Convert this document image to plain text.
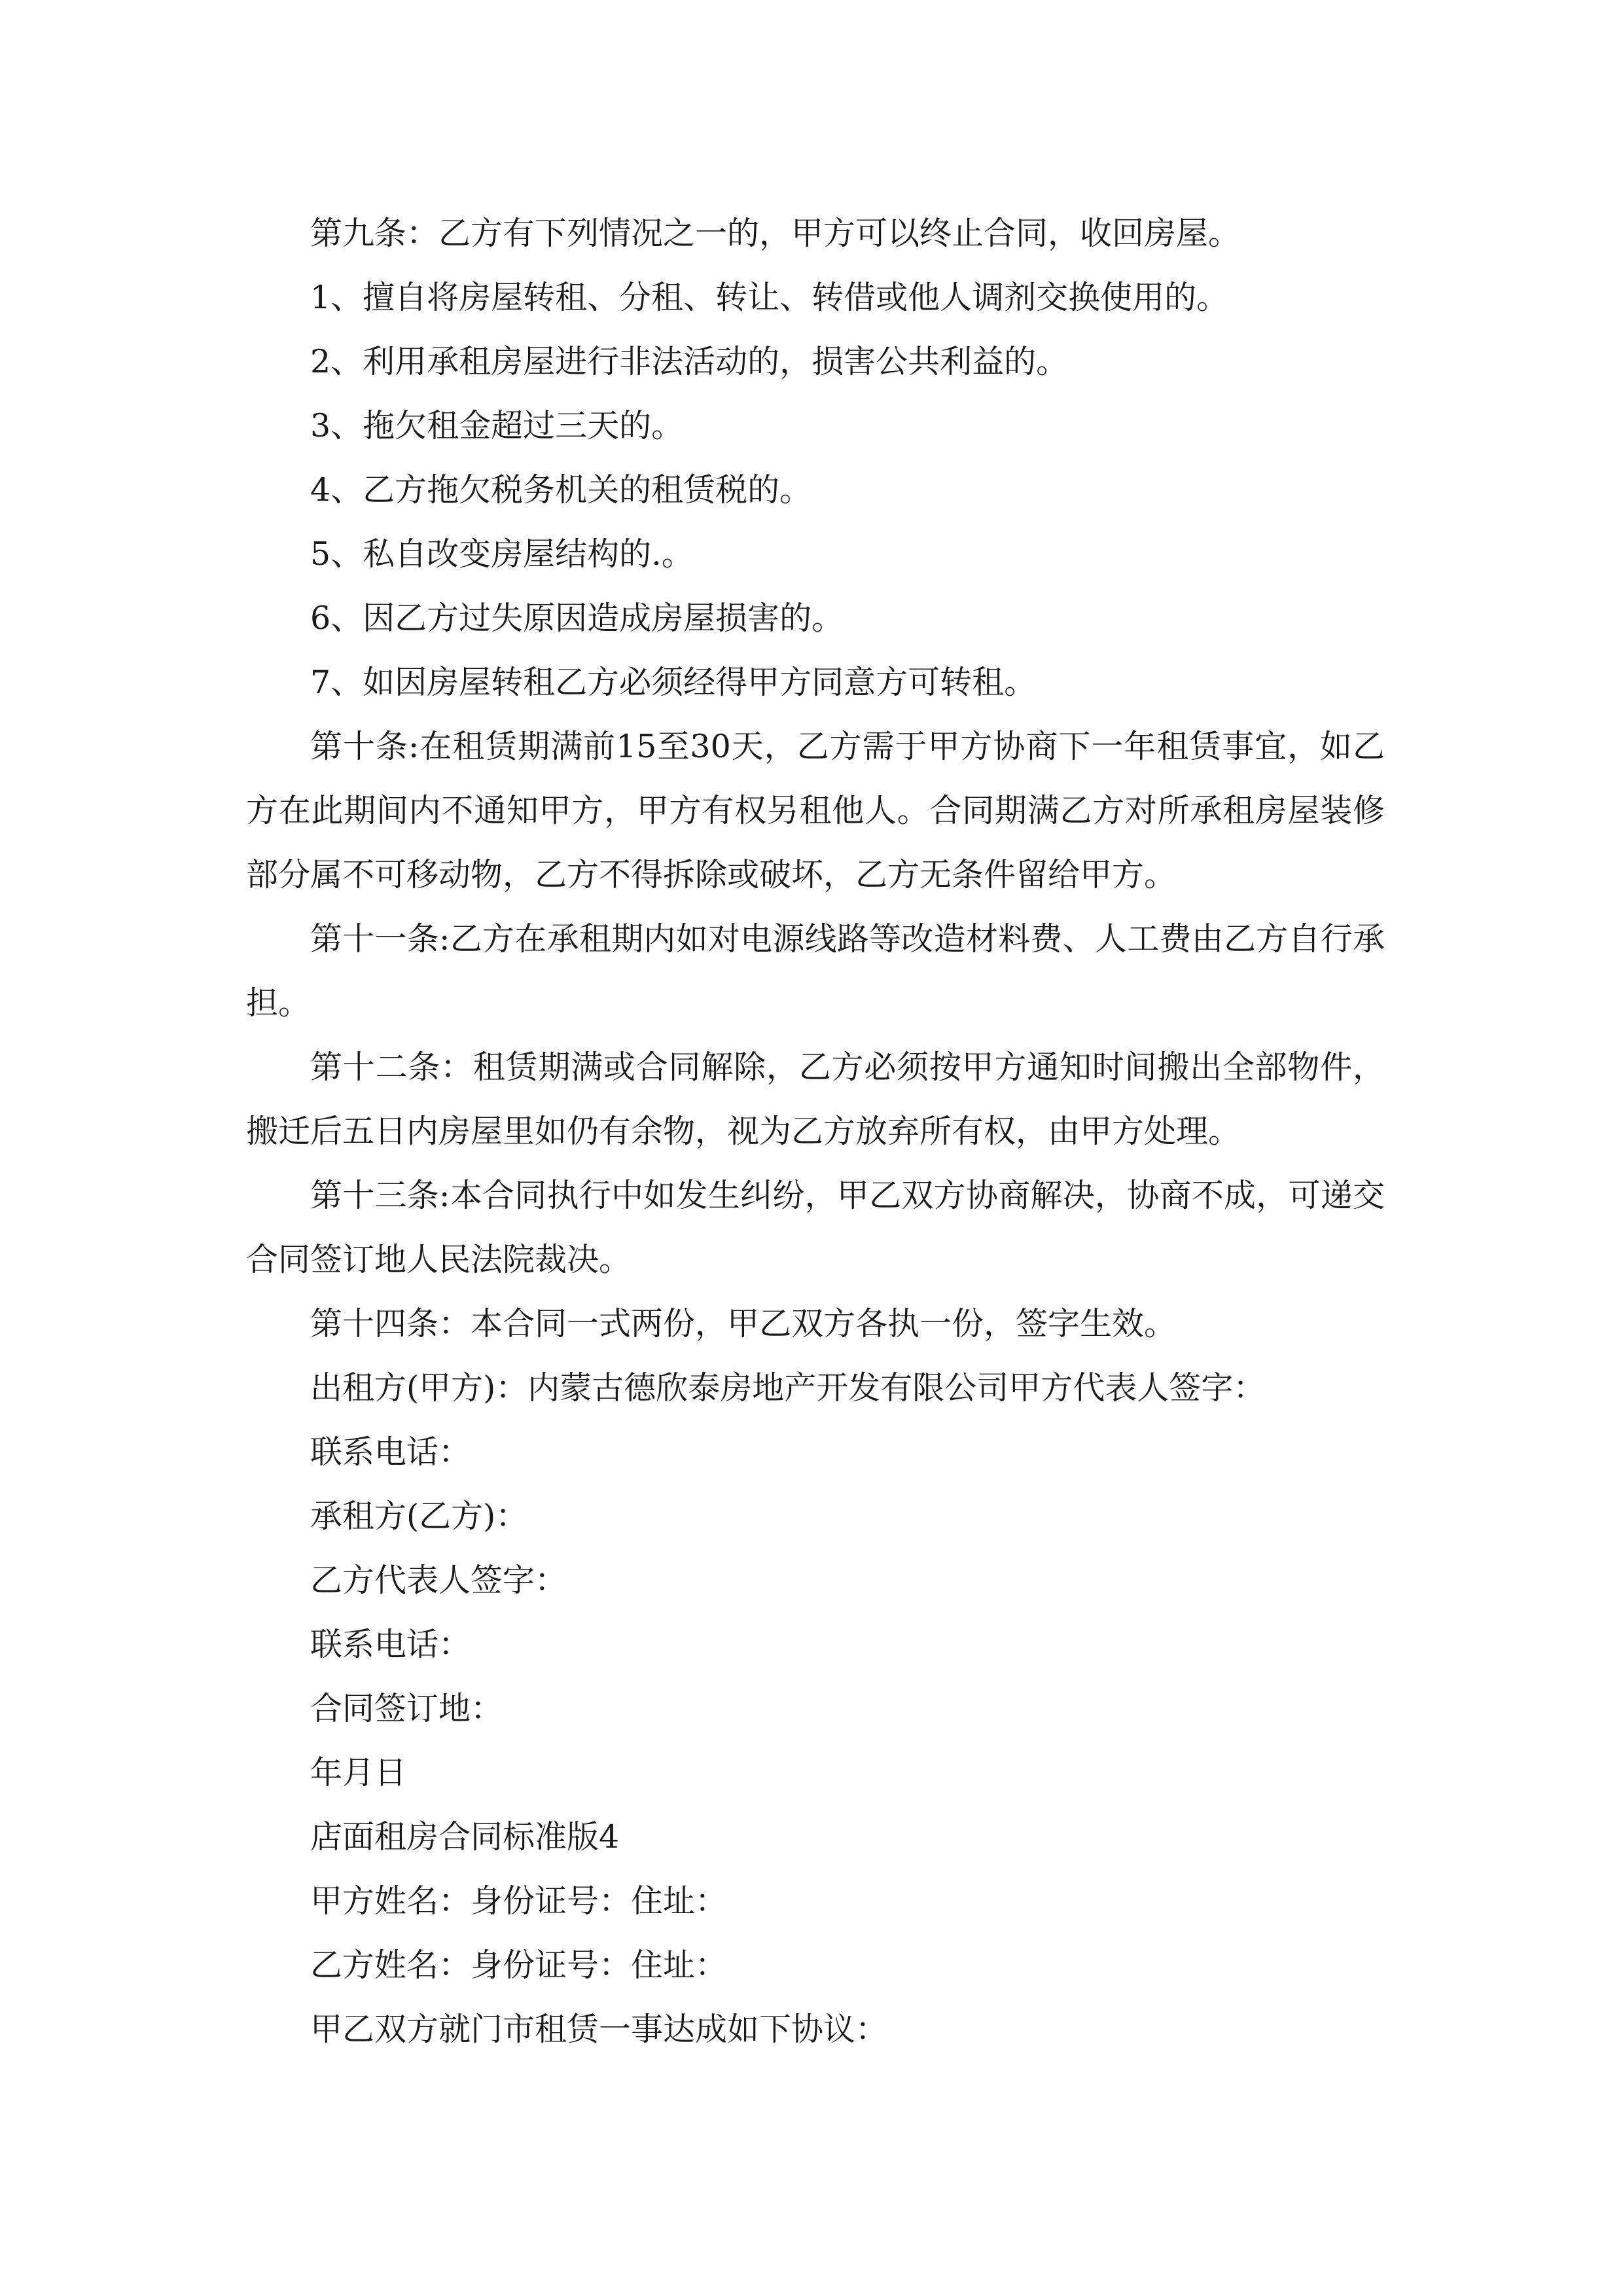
第九条：乙方有下列情况之一的，甲方可以终止合同，收回房屋。

1、擅自将房屋转租、分租、转让、转借或他人调剂交换使用的。

2、利用承租房屋进行非法活动的，损害公共利益的。

3、拖欠租金超过三天的。

4、乙方拖欠税务机关的租赁税的。

5、私自改变房屋结构的.。

6、因乙方过失原因造成房屋损害的。

7、如因房屋转租乙方必须经得甲方同意方可转租。

第十条:在租赁期满前15至30天，乙方需于甲方协商下一年租赁事宜，如乙方在此期间内不通知甲方，甲方有权另租他人。合同期满乙方对所承租房屋装修部分属不可移动物，乙方不得拆除或破坏，乙方无条件留给甲方。

第十一条:乙方在承租期内如对电源线路等改造材料费、人工费由乙方自行承担。

第十二条：租赁期满或合同解除，乙方必须按甲方通知时间搬出全部物件，搬迁后五日内房屋里如仍有余物，视为乙方放弃所有权，由甲方处理。

第十三条:本合同执行中如发生纠纷，甲乙双方协商解决，协商不成，可递交合同签订地人民法院裁决。

第十四条：本合同一式两份，甲乙双方各执一份，签字生效。

出租方(甲方)：内蒙古德欣泰房地产开发有限公司甲方代表人签字：

联系电话：

承租方(乙方)：

乙方代表人签字：

联系电话：

合同签订地：

年月日

店面租房合同标准版4

甲方姓名：身份证号：住址：

乙方姓名：身份证号：住址：

甲乙双方就门市租赁一事达成如下协议：
